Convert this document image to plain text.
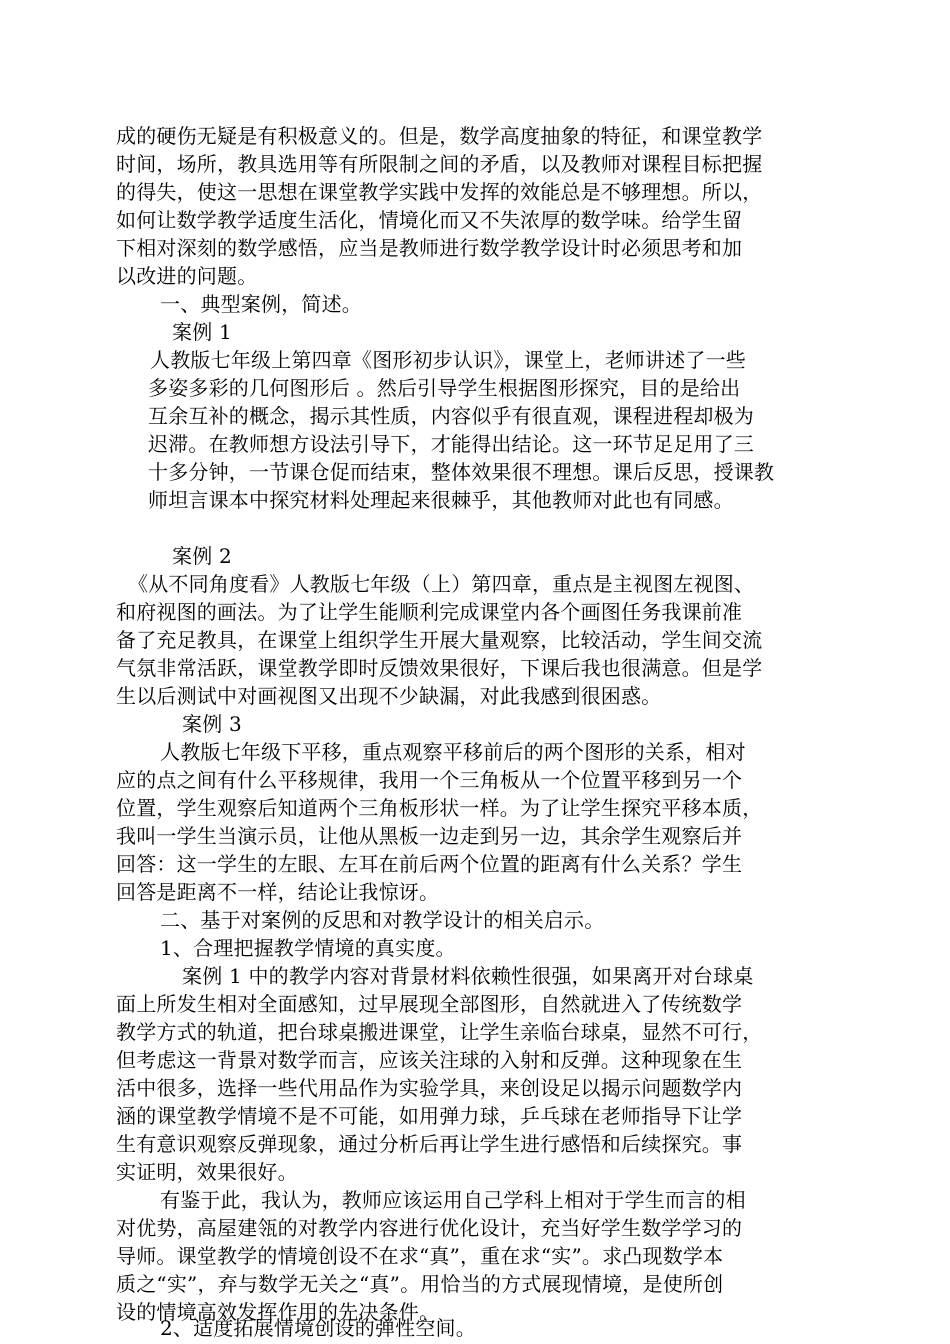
成的硬伤无疑是有积极意义的。但是，数学高度抽象的特征，和课堂教学
时间，场所，教具选用等有所限制之间的矛盾，以及教师对课程目标把握
的得失，使这一思想在课堂教学实践中发挥的效能总是不够理想。所以，
如何让数学教学适度生活化，情境化而又不失浓厚的数学味。给学生留
下相对深刻的数学感悟，应当是教师进行数学教学设计时必须思考和加
以改进的问题。
一、典型案例，简述。
案例 1
人教版七年级上第四章《图形初步认识》，课堂上，老师讲述了一些
多姿多彩的几何图形后 。然后引导学生根据图形探究，目的是给出
互余互补的概念，揭示其性质，内容似乎有很直观，课程进程却极为
迟滞。在教师想方设法引导下，才能得出结论。这一环节足足用了三
十多分钟，一节课仓促而结束，整体效果很不理想。课后反思，授课教
师坦言课本中探究材料处理起来很棘乎，其他教师对此也有同感。
案例 2
《从不同角度看》人教版七年级（上）第四章，重点是主视图左视图、
和府视图的画法。为了让学生能顺利完成课堂内各个画图任务我课前准
备了充足教具，在课堂上组织学生开展大量观察，比较活动，学生间交流
气氛非常活跃，课堂教学即时反馈效果很好，下课后我也很满意。但是学
生以后测试中对画视图又出现不少缺漏，对此我感到很困惑。
案例 3
人教版七年级下平移，重点观察平移前后的两个图形的关系，相对
应的点之间有什么平移规律，我用一个三角板从一个位置平移到另一个
位置，学生观察后知道两个三角板形状一样。为了让学生探究平移本质，
我叫一学生当演示员，让他从黑板一边走到另一边，其余学生观察后并
回答：这一学生的左眼、左耳在前后两个位置的距离有什么关系？学生
回答是距离不一样，结论让我惊讶。
二、基于对案例的反思和对教学设计的相关启示。
1、合理把握教学情境的真实度。
案例 1 中的教学内容对背景材料依赖性很强，如果离开对台球桌
面上所发生相对全面感知，过早展现全部图形，自然就进入了传统数学
教学方式的轨道，把台球桌搬进课堂，让学生亲临台球桌，显然不可行，
但考虑这一背景对数学而言，应该关注球的入射和反弹。这种现象在生
活中很多，选择一些代用品作为实验学具，来创设足以揭示问题数学内
涵的课堂教学情境不是不可能，如用弹力球，乒乓球在老师指导下让学
生有意识观察反弹现象，通过分析后再让学生进行感悟和后续探究。事
实证明，效果很好。
有鉴于此，我认为，教师应该运用自己学科上相对于学生而言的相
对优势，高屋建瓴的对教学内容进行优化设计，充当好学生数学学习的
导师。课堂教学的情境创设不在求“真”，重在求“实”。求凸现数学本
质之“实”，弃与数学无关之“真”。用恰当的方式展现情境，是使所创
设的情境高效发挥作用的先决条件。
2、适度拓展情境创设的弹性空间。
